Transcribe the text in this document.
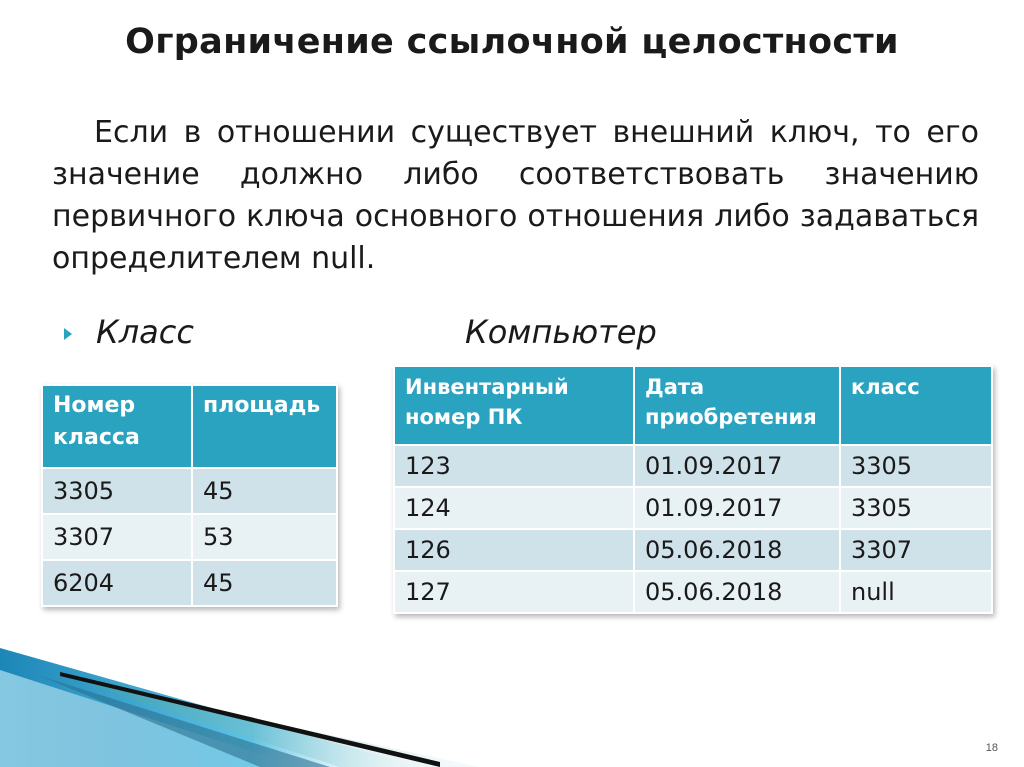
Ограничение ссылочной целостности
Если в отношении существует внешний ключ, то его значение должно либо соответствовать значению первичного ключа основного отношения либо задаваться определителем null.
Класс	Компьютер
Номер класса	площадь
3305	45
3307	53
6204	45
Инвентарный номер ПК	Дата приобретения	класс
123	01.09.2017	3305
124	01.09.2017	3305
126	05.06.2018	3307
127	05.06.2018	null
18
